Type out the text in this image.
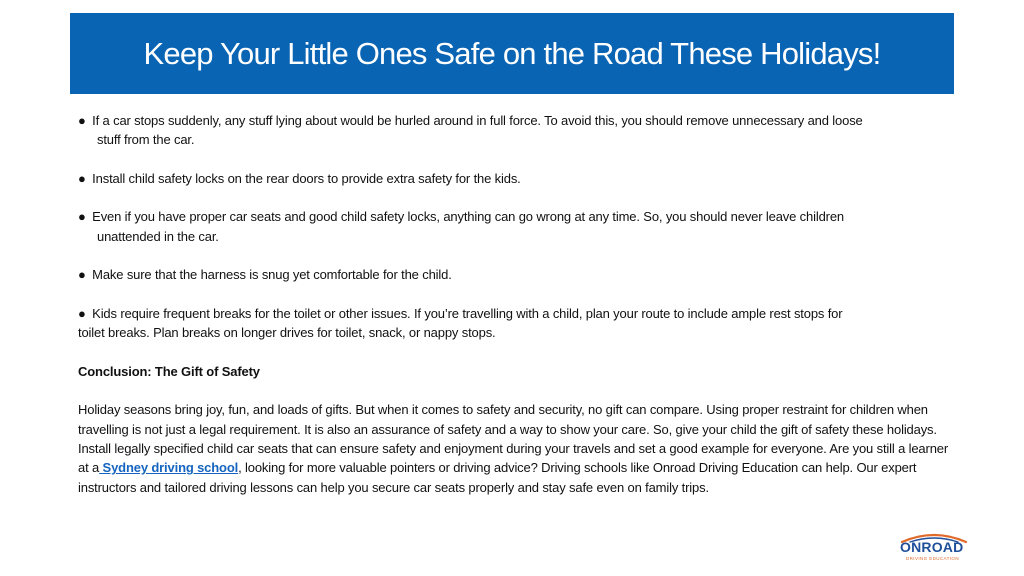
Keep Your Little Ones Safe on the Road These Holidays!
● If a car stops suddenly, any stuff lying about would be hurled around in full force. To avoid this, you should remove unnecessary and loose
stuff from the car.
● Install child safety locks on the rear doors to provide extra safety for the kids.
● Even if you have proper car seats and good child safety locks, anything can go wrong at any time. So, you should never leave children
unattended in the car.
● Make sure that the harness is snug yet comfortable for the child.
● Kids require frequent breaks for the toilet or other issues. If you’re travelling with a child, plan your route to include ample rest stops for
toilet breaks. Plan breaks on longer drives for toilet, snack, or nappy stops.
Conclusion: The Gift of Safety

Holiday seasons bring joy, fun, and loads of gifts. But when it comes to safety and security, no gift can compare. Using proper restraint for children when travelling is not just a legal requirement. It is also an assurance of safety and a way to show your care. So, give your child the gift of safety these holidays. Install legally specified child car seats that can ensure safety and enjoyment during your travels and set a good example for everyone. Are you still a learner at a Sydney driving school, looking for more valuable pointers or driving advice? Driving schools like Onroad Driving Education can help. Our expert instructors and tailored driving lessons can help you secure car seats properly and stay safe even on family trips.

ONROAD
DRIVING EDUCATION
